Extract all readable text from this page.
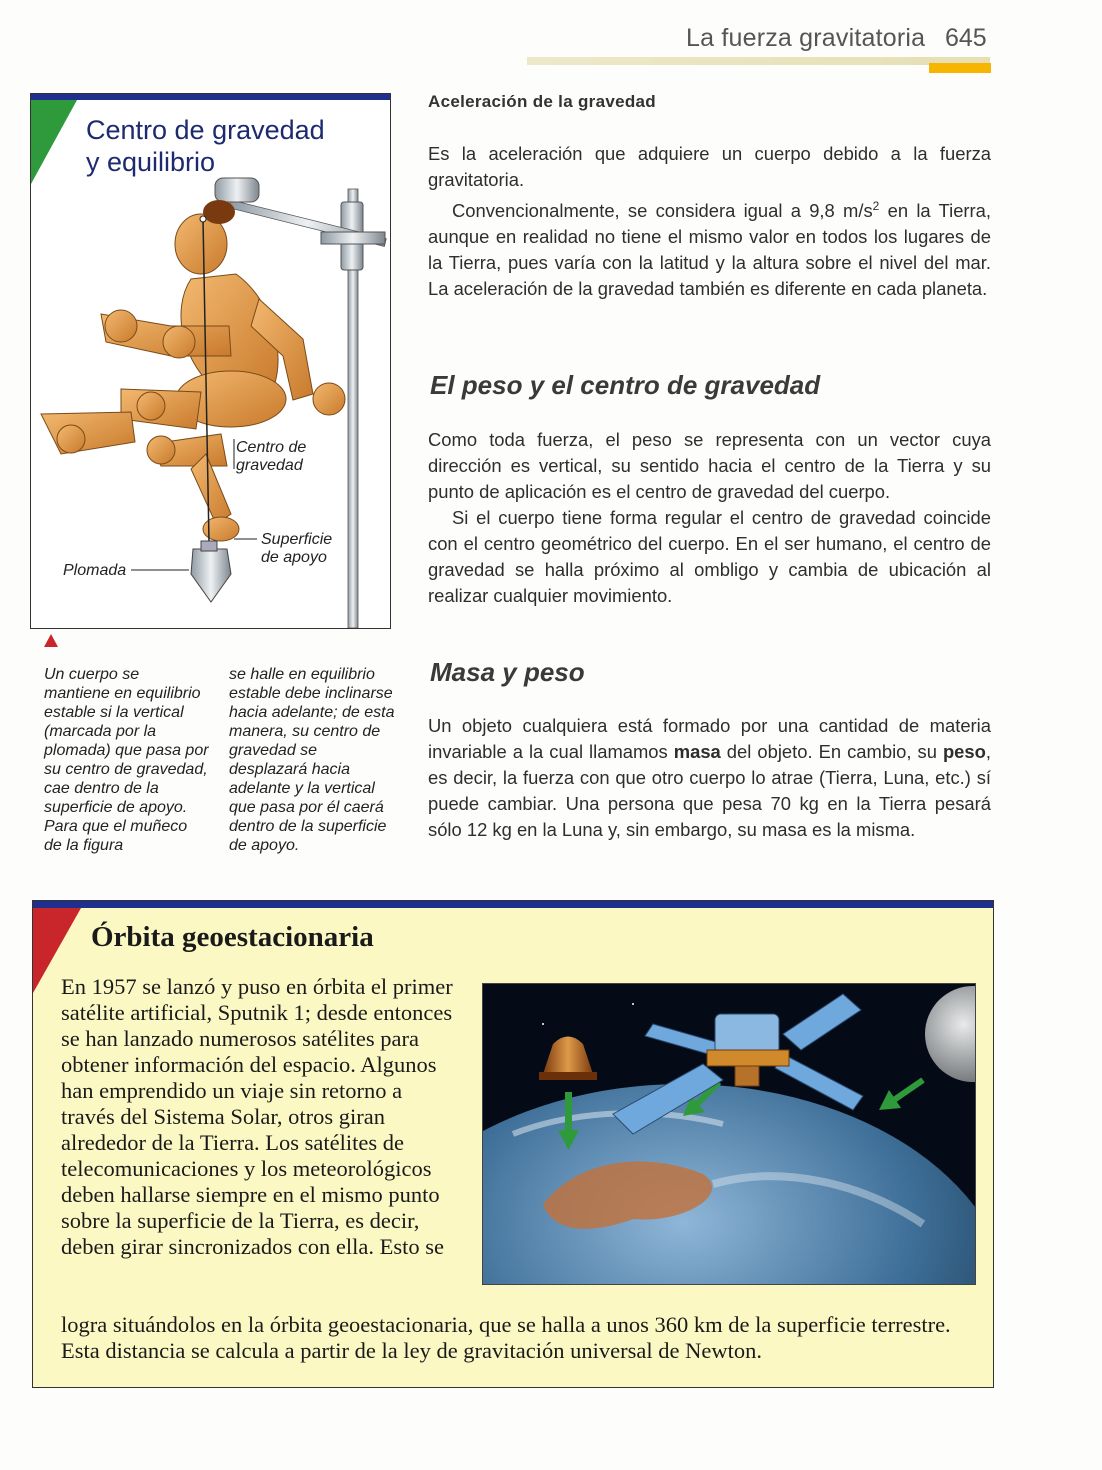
La fuerza gravitatoria 645
Centro de
gravedad
Superficie
de apoyo
Plomada
Centro de gravedad
y equilibrio
Un cuerpo se mantiene en equilibrio estable si la vertical (marcada por la plomada) que pasa por su centro de gravedad, cae dentro de la superficie de apoyo. Para que el muñeco de la figura
se halle en equilibrio estable debe inclinarse hacia adelante; de esta manera, su centro de gravedad se desplazará hacia adelante y la vertical que pasa por él caerá dentro de la superficie de apoyo.
Aceleración de la gravedad
Es la aceleración que adquiere un cuerpo debido a la fuerza gravitatoria.
Convencionalmente, se considera igual a 9,8 $m/s^2$ en la Tierra, aunque en realidad no tiene el mismo valor en todos los lugares de la Tierra, pues varía con la latitud y la altura sobre el nivel del mar. La aceleración de la gravedad también es diferente en cada planeta.
El peso y el centro de gravedad
Como toda fuerza, el peso se representa con un vector cuya dirección es vertical, su sentido hacia el centro de la Tierra y su punto de aplicación es el centro de gravedad del cuerpo.
Si el cuerpo tiene forma regular el centro de gravedad coincide con el centro geométrico del cuerpo. En el ser humano, el centro de gravedad se halla próximo al ombligo y cambia de ubicación al realizar cualquier movimiento.
Masa y peso
Un objeto cualquiera está formado por una cantidad de materia invariable a la cual llamamos masa del objeto. En cambio, su peso, es decir, la fuerza con que otro cuerpo lo atrae (Tierra, Luna, etc.) sí puede cambiar. Una persona que pesa 70 kg en la Tierra pesará sólo 12 kg en la Luna y, sin embargo, su masa es la misma.
Órbita geoestacionaria
En 1957 se lanzó y puso en órbita el primer satélite artificial, Sputnik 1; desde entonces se han lanzado numerosos satélites para obtener información del espacio. Algunos han emprendido un viaje sin retorno a través del Sistema Solar, otros giran alrededor de la Tierra. Los satélites de telecomunicaciones y los meteorológicos deben hallarse siempre en el mismo punto sobre la superficie de la Tierra, es decir, deben girar sincronizados con ella. Esto se
logra situándolos en la órbita geoestacionaria, que se halla a unos 360 km de la superficie terrestre. Esta distancia se calcula a partir de la ley de gravitación universal de Newton.
